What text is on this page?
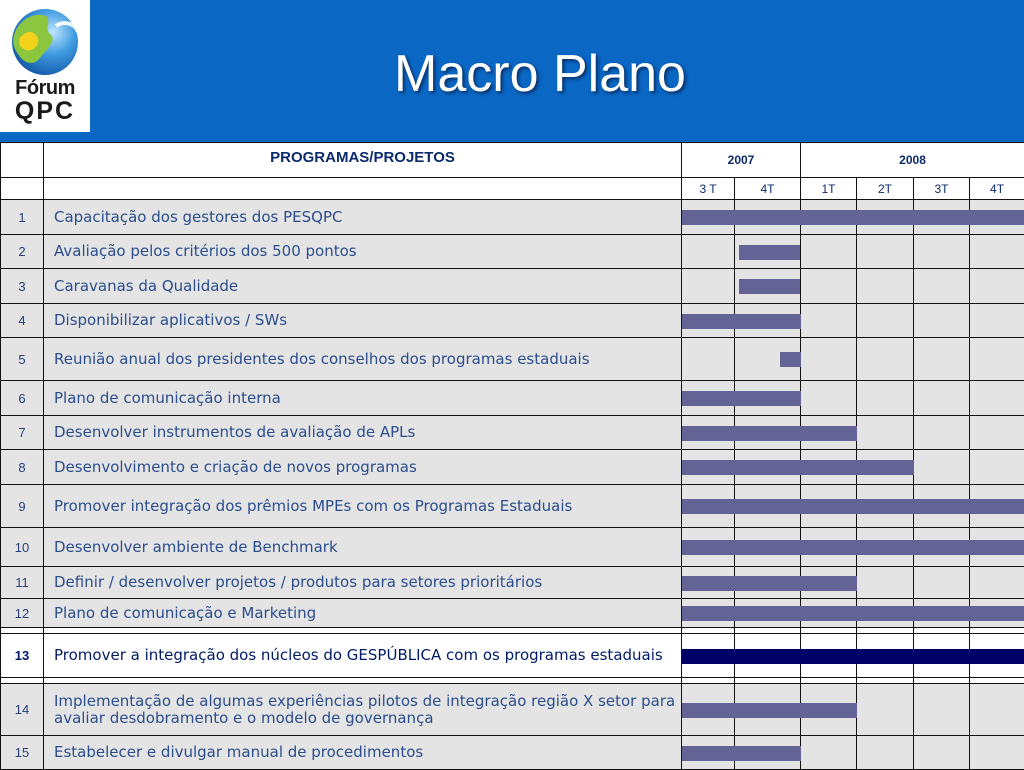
Fórum
QPC
Macro Plano
	PROGRAMAS/PROJETOS	2007		2008			
		3 T	4T	1T	2T	3T	4T
1	Capacitação dos gestores dos PESQPC	

2	Avaliação pelos critérios dos 500 pontos	

3	Caravanas da Qualidade	

4	Disponibilizar aplicativos / SWs	

5	Reunião anual dos presidentes dos conselhos dos programas estaduais	

6	Plano de comunicação interna	

7	Desenvolver instrumentos de avaliação de APLs	

8	Desenvolvimento e criação de novos programas	

9	Promover integração dos prêmios MPEs com os Programas Estaduais	

10	Desenvolver ambiente de Benchmark	

11	Definir / desenvolver projetos / produtos para setores prioritários	

12	Plano de comunicação e Marketing	

13	Promover a integração dos núcleos do GESPÚBLICA com os programas estaduais	

14	Implementação de algumas experiências pilotos de integração região X setor para avaliar desdobramento e o modelo de governança	

15	Estabelecer e divulgar manual de procedimentos	
